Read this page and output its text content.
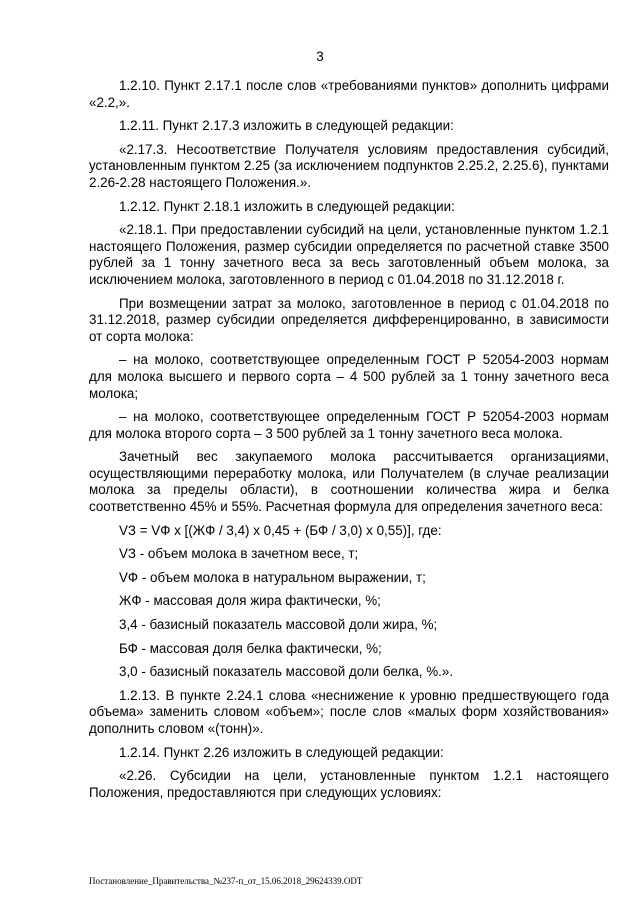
3

1.2.10. Пункт 2.17.1 после слов «требованиями пунктов» дополнить цифрами «2.2,».

1.2.11. Пункт 2.17.3 изложить в следующей редакции:

«2.17.3. Несоответствие Получателя условиям предоставления субсидий, установленным пунктом 2.25 (за исключением подпунктов 2.25.2, 2.25.6), пунктами 2.26-2.28 настоящего Положения.».

1.2.12. Пункт 2.18.1 изложить в следующей редакции:

«2.18.1. При предоставлении субсидий на цели, установленные пунктом 1.2.1 настоящего Положения, размер субсидии определяется по расчетной ставке 3500 рублей за 1 тонну зачетного веса за весь заготовленный объем молока, за исключением молока, заготовленного в период с 01.04.2018 по 31.12.2018 г.

При возмещении затрат за молоко, заготовленное в период с 01.04.2018 по 31.12.2018, размер субсидии определяется дифференцированно, в зависимости от сорта молока:

– на молоко, соответствующее определенным ГОСТ Р 52054-2003 нормам для молока высшего и первого сорта – 4 500 рублей за 1 тонну зачетного веса молока;

– на молоко, соответствующее определенным ГОСТ Р 52054-2003 нормам для молока второго сорта – 3 500 рублей за 1 тонну зачетного веса молока.

Зачетный вес закупаемого молока рассчитывается организациями, осуществляющими переработку молока, или Получателем (в случае реализации молока за пределы области), в соотношении количества жира и белка соответственно 45% и 55%. Расчетная формула для определения зачетного веса:

VЗ = VФ х [(ЖФ / 3,4) х 0,45 + (БФ / 3,0) х 0,55)], где:

VЗ - объем молока в зачетном весе, т;

VФ - объем молока в натуральном выражении, т;

ЖФ - массовая доля жира фактически, %;

3,4 - базисный показатель массовой доли жира, %;

БФ - массовая доля белка фактически, %;

3,0 - базисный показатель массовой доли белка, %.».

1.2.13. В пункте 2.24.1 слова «неснижение к уровню предшествующего года объема» заменить словом «объем»; после слов «малых форм хозяйствования» дополнить словом «(тонн)».

1.2.14. Пункт 2.26 изложить в следующей редакции:

«2.26. Субсидии на цели, установленные пунктом 1.2.1 настоящего Положения, предоставляются при следующих условиях:

Постановление_Правительства_№237-п_от_15.06.2018_29624339.ODT
